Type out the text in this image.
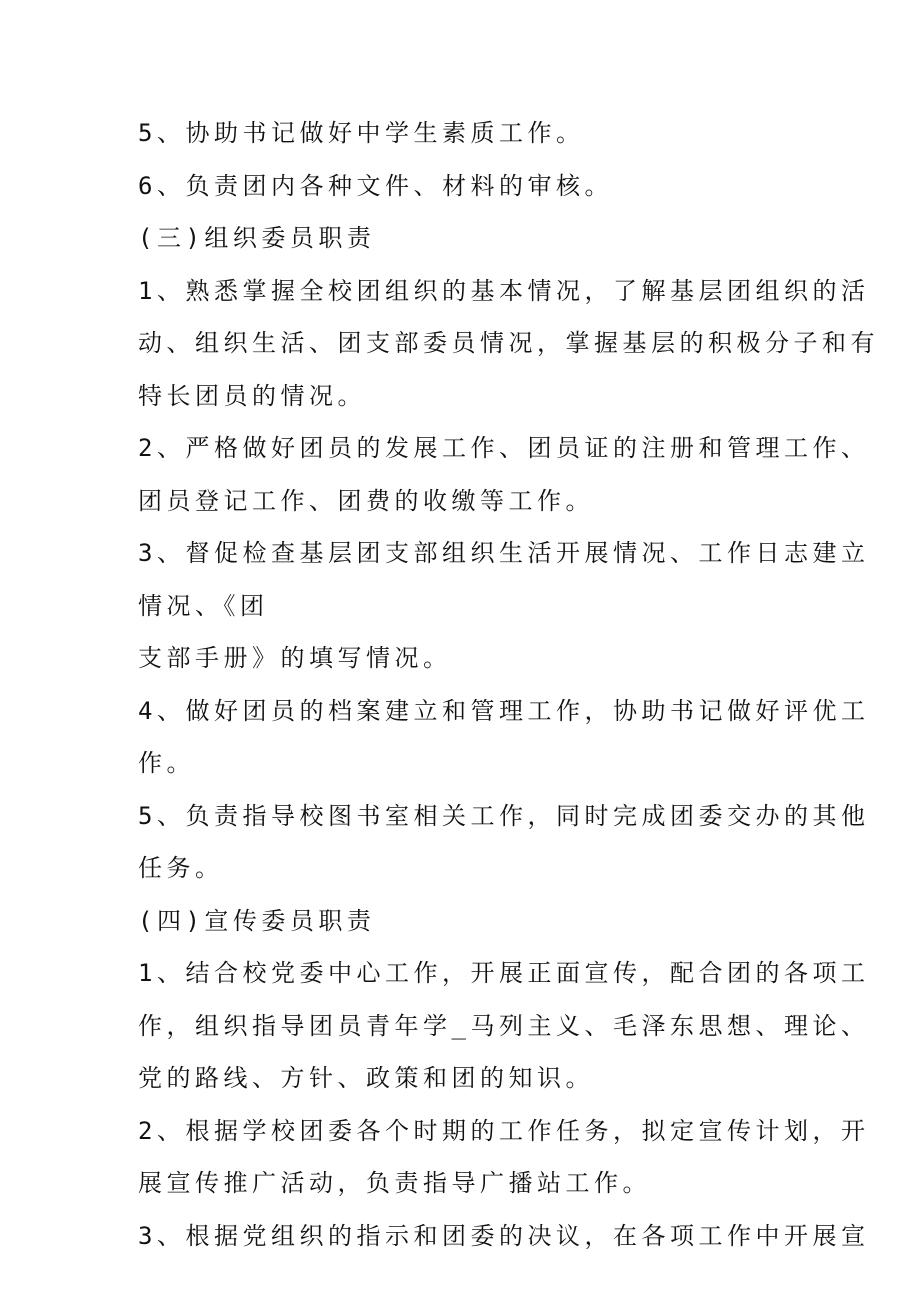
5、协助书记做好中学生素质工作。
6、负责团内各种文件、材料的审核。
(三)组织委员职责
1、熟悉掌握全校团组织的基本情况，了解基层团组织的活
动、组织生活、团支部委员情况，掌握基层的积极分子和有
特长团员的情况。
2、严格做好团员的发展工作、团员证的注册和管理工作、
团员登记工作、团费的收缴等工作。
3、督促检查基层团支部组织生活开展情况、工作日志建立
情况、《团
支部手册》的填写情况。
4、做好团员的档案建立和管理工作，协助书记做好评优工
作。
5、负责指导校图书室相关工作，同时完成团委交办的其他
任务。
(四)宣传委员职责
1、结合校党委中心工作，开展正面宣传，配合团的各项工
作，组织指导团员青年学_马列主义、毛泽东思想、理论、
党的路线、方针、政策和团的知识。
2、根据学校团委各个时期的工作任务，拟定宣传计划，开
展宣传推广活动，负责指导广播站工作。
3、根据党组织的指示和团委的决议，在各项工作中开展宣
